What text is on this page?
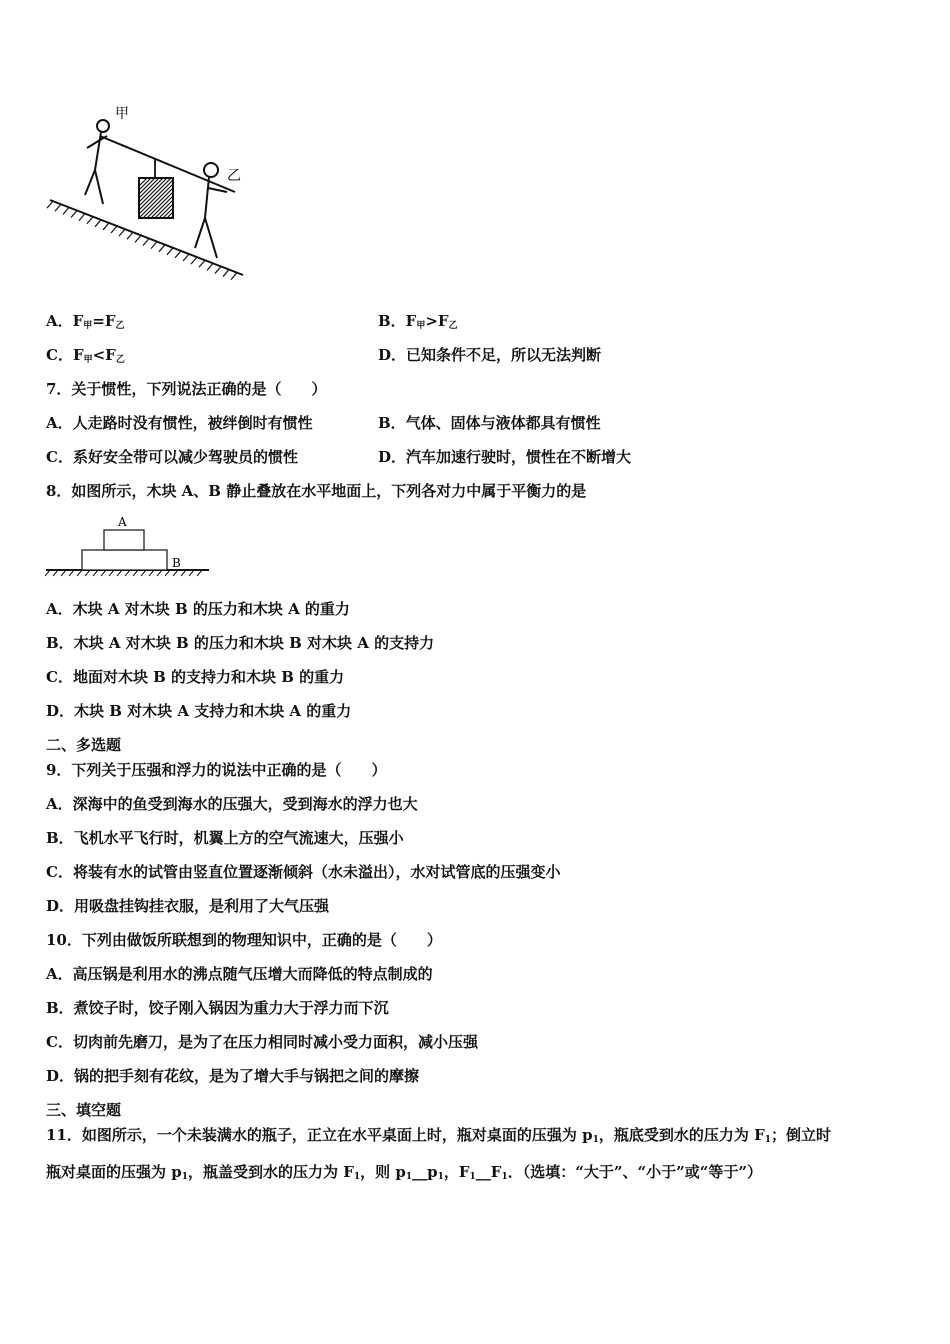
甲
乙
A．$F_甲=F_乙$	B．$F_甲>F_乙$
C．$F_甲<F_乙$	D．已知条件不足，所以无法判断
7．关于惯性，下列说法正确的是（　　）
A．人走路时没有惯性，被绊倒时有惯性	B．气体、固体与液体都具有惯性
C．系好安全带可以减少驾驶员的惯性	D．汽车加速行驶时，惯性在不断增大
8．如图所示，木块 A、B 静止叠放在水平地面上，下列各对力中属于平衡力的是
A
B
A．木块 A 对木块 B 的压力和木块 A 的重力
B．木块 A 对木块 B 的压力和木块 B 对木块 A 的支持力
C．地面对木块 B 的支持力和木块 B 的重力
D．木块 B 对木块 A 支持力和木块 A 的重力
二、多选题
9．下列关于压强和浮力的说法中正确的是（　　）
A．深海中的鱼受到海水的压强大，受到海水的浮力也大
B．飞机水平飞行时，机翼上方的空气流速大，压强小
C．将装有水的试管由竖直位置逐渐倾斜（水未溢出），水对试管底的压强变小
D．用吸盘挂钩挂衣服，是利用了大气压强
10．下列由做饭所联想到的物理知识中，正确的是（　　）
A．高压锅是利用水的沸点随气压增大而降低的特点制成的
B．煮饺子时，饺子刚入锅因为重力大于浮力而下沉
C．切肉前先磨刀，是为了在压力相同时减小受力面积，减小压强
D．锅的把手刻有花纹，是为了增大手与锅把之间的摩擦
三、填空题
11．如图所示，一个未装满水的瓶子，正立在水平桌面上时，瓶对桌面的压强为 $p_1$，瓶底受到水的压力为 $F_1$；倒立时
瓶对桌面的压强为 $p_1$，瓶盖受到水的压力为 $F_1$，则 $p_1\_\_p_1$，$F_1\_\_F_1$．（选填：“大于”、“小于”或“等于”）
